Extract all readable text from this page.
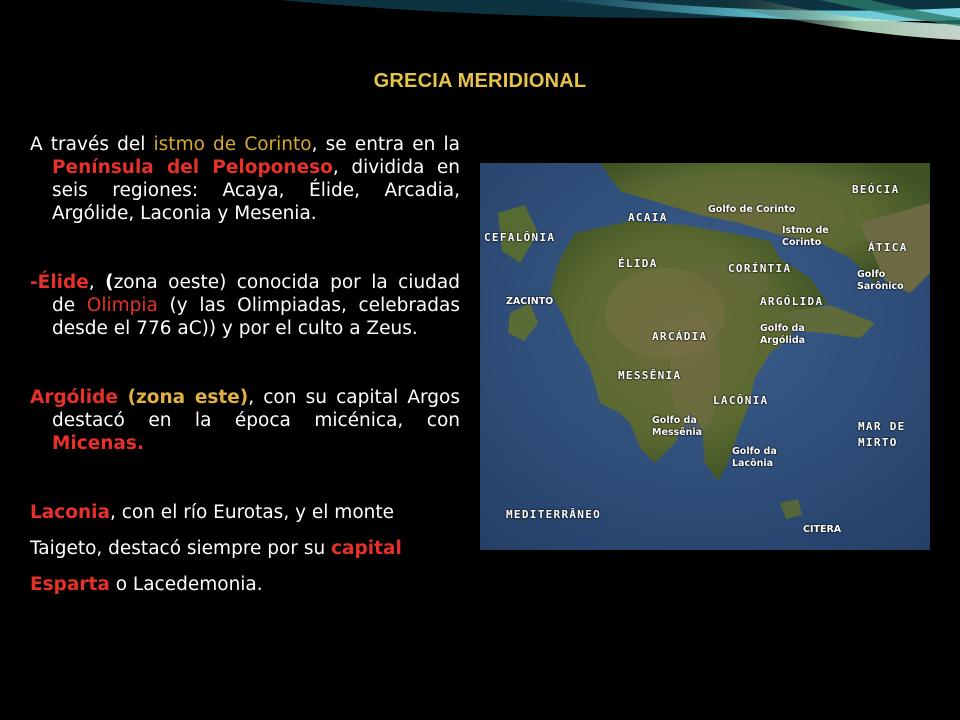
GRECIA MERIDIONAL

A través del istmo de Corinto, se entra en la Península del Peloponeso, dividida en seis regiones: Acaya, Élide, Arcadia, Argólide, Laconia y Mesenia.

-Élide, (zona oeste) conocida por la ciudad de Olimpia (y las Olimpiadas, celebradas desde el 776 aC)) y por el culto a Zeus.

Argólide (zona este), con su capital Argos destacó en la época micénica, con Micenas.

Laconia, con el río Eurotas, y el monte Taigeto, destacó siempre por su capital Esparta o Lacedemonia.

BEÓCIA
ACAIA
Golfo de Corinto
CEFALÔNIA
Istmo de Corinto	ÁTICA
ÉLIDA	CORÍNTIA	Golfo Sarônico
ZACINTO	ARGÓLIDA
Golfo da Argólida
ARCÁDIA
MESSÊNIA
LACÔNIA
Golfo da Messênia	MAR DE MIRTO
Golfo da Lacônia
MEDITERRÂNEO
CITERA
